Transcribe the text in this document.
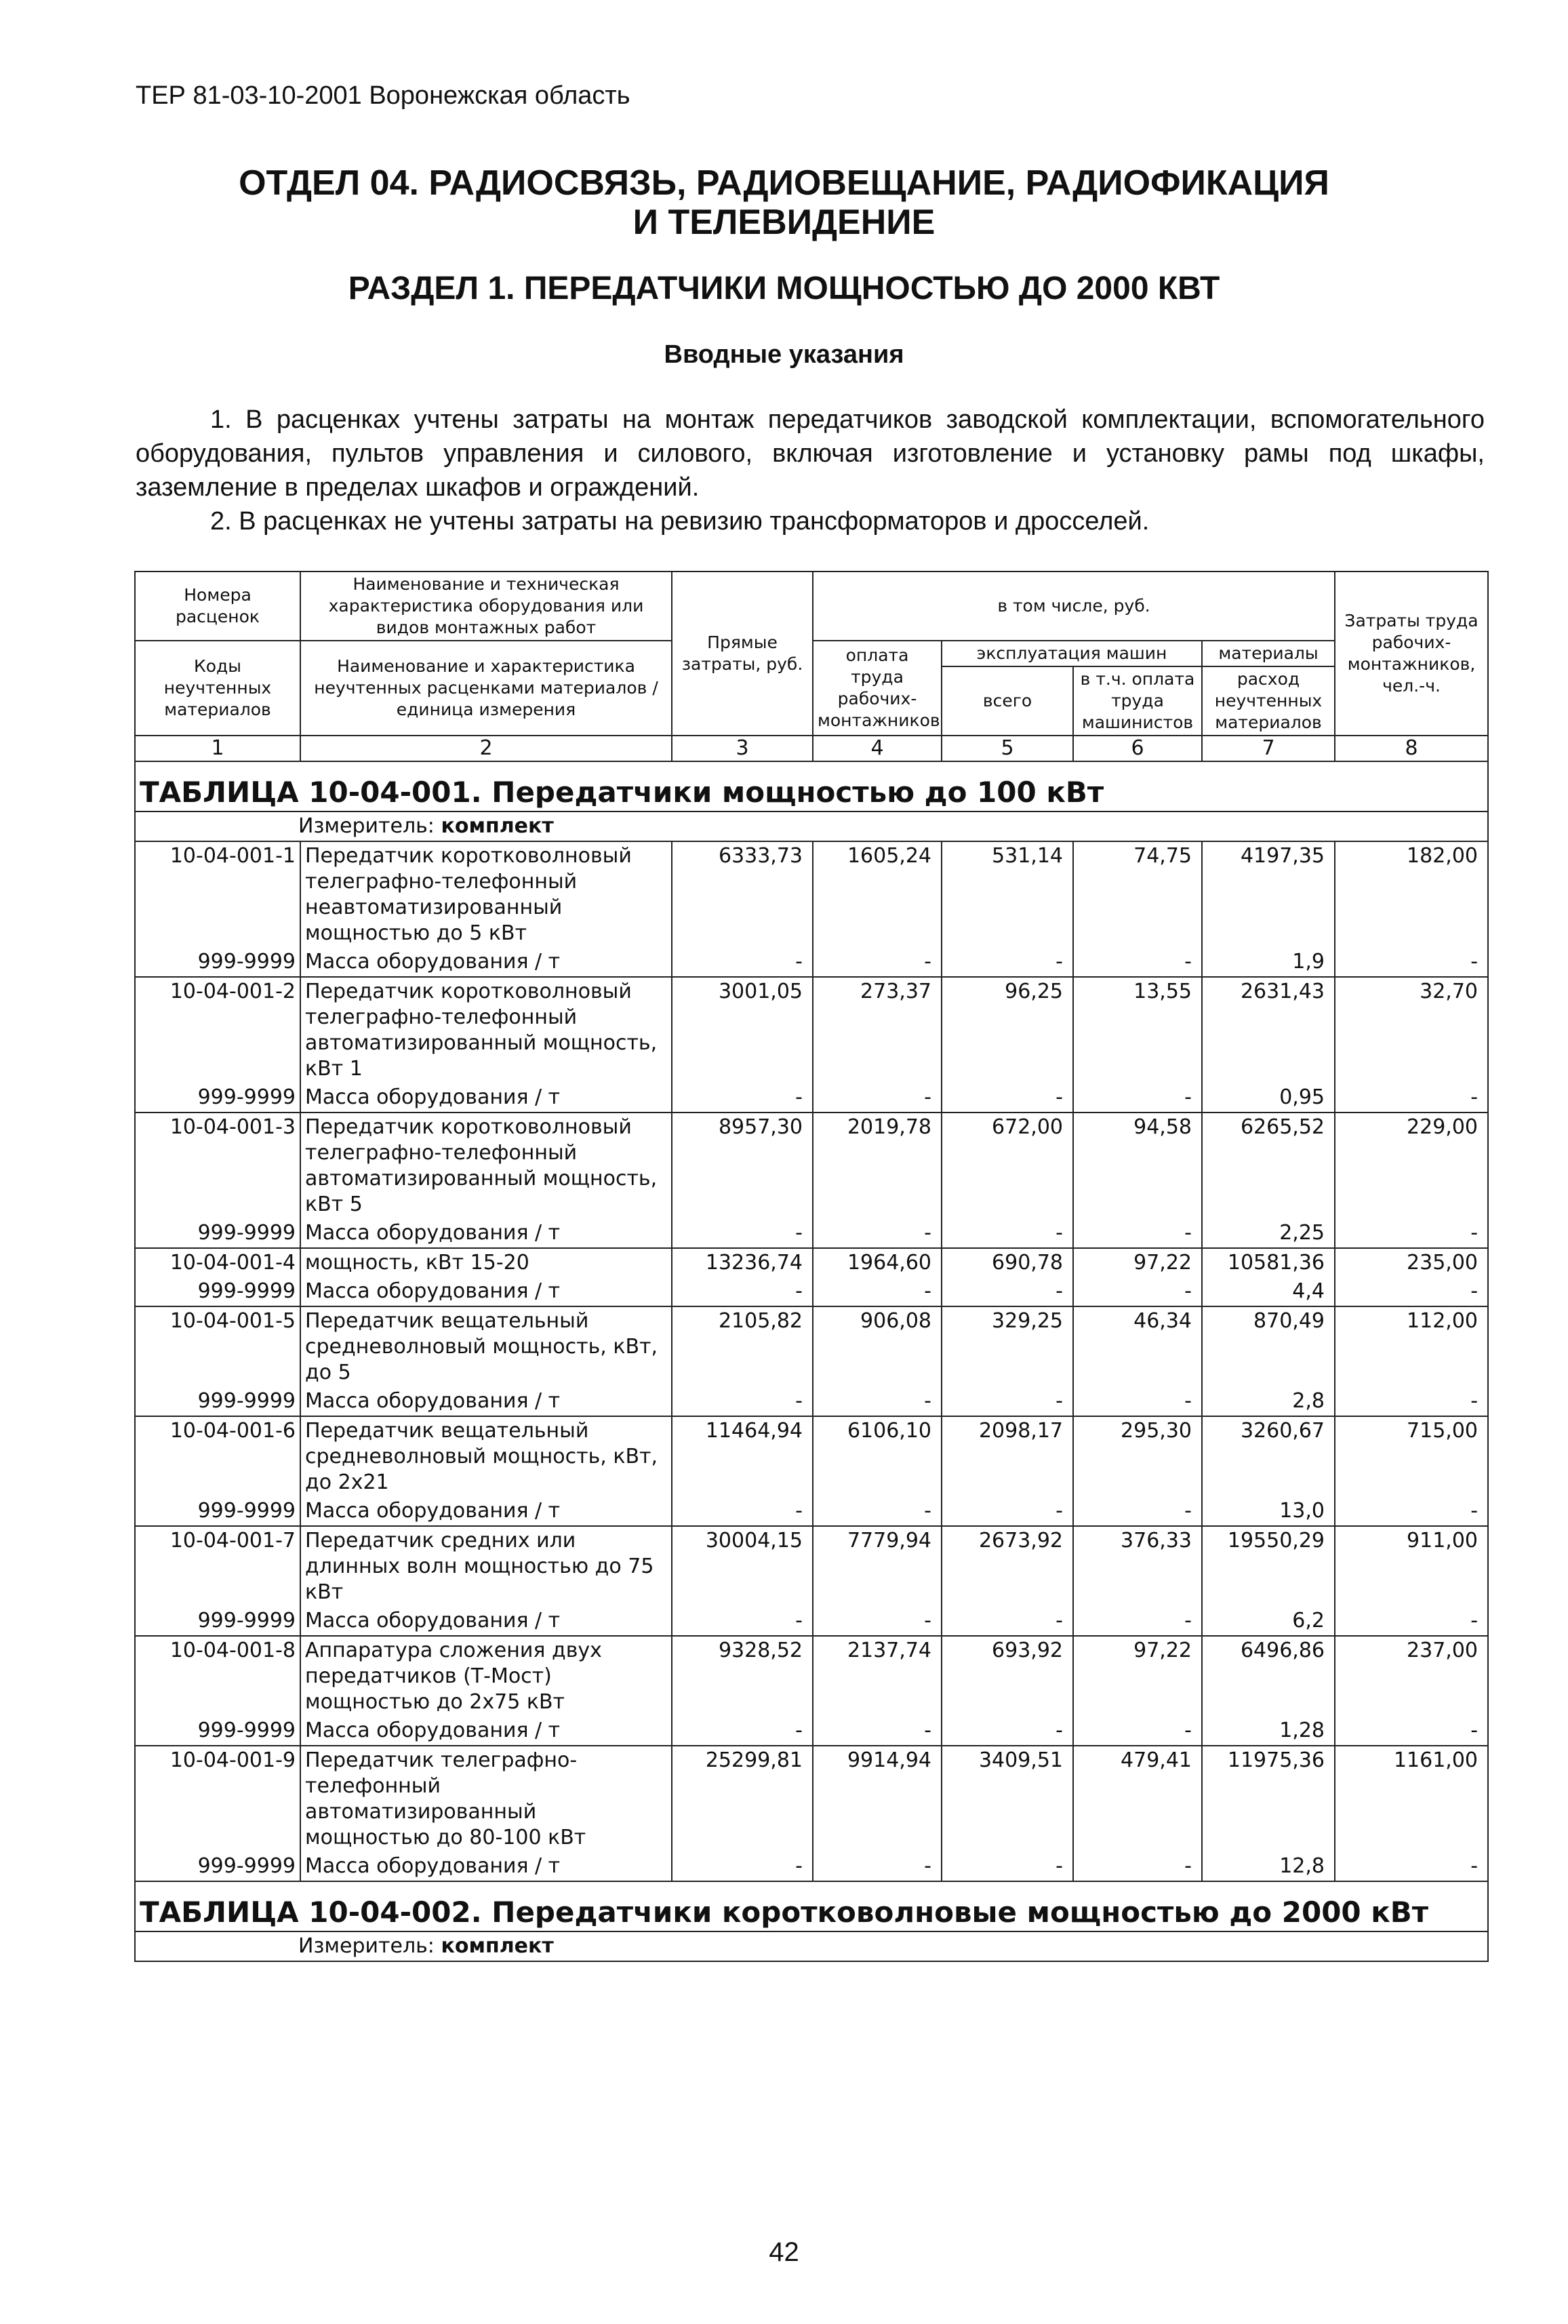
ТЕР 81-03-10-2001 Воронежская область
ОТДЕЛ 04. РАДИОСВЯЗЬ, РАДИОВЕЩАНИЕ, РАДИОФИКАЦИЯ
И ТЕЛЕВИДЕНИЕ
РАЗДЕЛ 1. ПЕРЕДАТЧИКИ МОЩНОСТЬЮ ДО 2000 КВТ
Вводные указания

1. В расценках учтены затраты на монтаж передатчиков заводской комплектации, вспомогательного оборудования, пультов управления и силового, включая изготовление и установку рамы под шкафы, заземление в пределах шкафов и ограждений.

2. В расценках не учтены затраты на ревизию трансформаторов и дросселей.

Номера расценок	Наименование и техническая характеристика оборудования или видов монтажных работ	Прямые затраты, руб.	в том числе, руб.				Затраты труда рабочих-монтажников, чел.-ч.
Коды неучтенных материалов	Наименование и характеристика неучтенных расценками материалов / единица измерения		оплата труда рабочих-монтажников	эксплуатация машин		материалы	
				всего	в т.ч. оплата труда машинистов	расход неучтенных материалов	
1	2	3	4	5	6	7	8
ТАБЛИЦА 10-04-001. Передатчики мощностью до 100 кВт							
Измеритель: комплект							
10-04-001-1	Передатчик коротковолновый телеграфно-телефонный неавтоматизированный мощностью до 5 кВт	6333,73	1605,24	531,14	74,75	4197,35	182,00
999-9999	Масса оборудования / т	-	-	-	-	1,9	-
10-04-001-2	Передатчик коротковолновый телеграфно-телефонный автоматизированный мощность, кВт 1	3001,05	273,37	96,25	13,55	2631,43	32,70
999-9999	Масса оборудования / т	-	-	-	-	0,95	-
10-04-001-3	Передатчик коротковолновый телеграфно-телефонный автоматизированный мощность, кВт 5	8957,30	2019,78	672,00	94,58	6265,52	229,00
999-9999	Масса оборудования / т	-	-	-	-	2,25	-
10-04-001-4	мощность, кВт 15-20	13236,74	1964,60	690,78	97,22	10581,36	235,00
999-9999	Масса оборудования / т	-	-	-	-	4,4	-
10-04-001-5	Передатчик вещательный средневолновый мощность, кВт, до 5	2105,82	906,08	329,25	46,34	870,49	112,00
999-9999	Масса оборудования / т	-	-	-	-	2,8	-
10-04-001-6	Передатчик вещательный средневолновый мощность, кВт, до 2х21	11464,94	6106,10	2098,17	295,30	3260,67	715,00
999-9999	Масса оборудования / т	-	-	-	-	13,0	-
10-04-001-7	Передатчик средних или длинных волн мощностью до 75 кВт	30004,15	7779,94	2673,92	376,33	19550,29	911,00
999-9999	Масса оборудования / т	-	-	-	-	6,2	-
10-04-001-8	Аппаратура сложения двух передатчиков (Т-Мост) мощностью до 2х75 кВт	9328,52	2137,74	693,92	97,22	6496,86	237,00
999-9999	Масса оборудования / т	-	-	-	-	1,28	-
10-04-001-9	Передатчик телеграфно-телефонный автоматизированный мощностью до 80-100 кВт	25299,81	9914,94	3409,51	479,41	11975,36	1161,00
999-9999	Масса оборудования / т	-	-	-	-	12,8	-
ТАБЛИЦА 10-04-002. Передатчики коротковолновые мощностью до 2000 кВт							
Измеритель: комплект							
42
